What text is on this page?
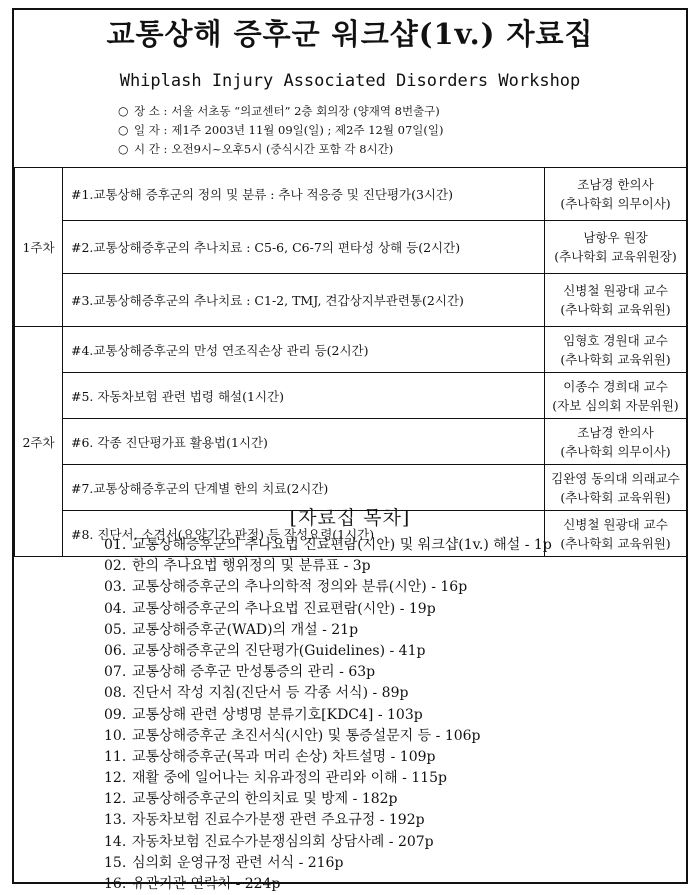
교통상해 증후군 워크샵(1v.) 자료집
Whiplash Injury Associated Disorders Workshop
○ 장 소 : 서울 서초동 “의교센터” 2층 회의장 (양재역 8번출구)
○ 일 자 : 제1주 2003년 11월 09일(일) ; 제2주 12월 07일(일)
○ 시 간 : 오전9시~오후5시 (중식시간 포함 각 8시간)
1주차	#1.교통상해 증후군의 정의 및 분류 : 추나 적응증 및 진단평가(3시간)	조남경 한의사
(추나학회 의무이사)

	#2.교통상해증후군의 추나치료 : C5-6, C6-7의 편타성 상해 등(2시간)	남항우 원장
(추나학회 교육위원장)

	#3.교통상해증후군의 추나치료 : C1-2, TMJ, 견갑상지부관련통(2시간)	신병철 원광대 교수
(추나학회 교육위원)

2주차	#4.교통상해증후군의 만성 연조직손상 관리 등(2시간)	임형호 경원대 교수
(추나학회 교육위원)

	#5. 자동차보험 관련 법령 해설(1시간)	이종수 경희대 교수
(자보 심의회 자문위원)

	#6. 각종 진단평가표 활용법(1시간)	조남경 한의사
(추나학회 의무이사)

	#7.교통상해증후군의 단계별 한의 치료(2시간)	김완영 동의대 의래교수
(추나학회 교육위원)

	#8. 진단서, 소견서(요양기간 판정) 등 작성요령(1시간)	신병철 원광대 교수
(추나학회 교육위원)
[자료집 목차]
01. 교통상해증후군의 추나요법 진료편람(시안) 및 워크샵(1v.) 해설 - 1p
02. 한의 추나요법 행위정의 및 분류표 - 3p
03. 교통상해증후군의 추나의학적 정의와 분류(시안) - 16p
04. 교통상해증후군의 추나요법 진료편람(시안) - 19p
05. 교통상해증후군(WAD)의 개설 - 21p
06. 교통상해증후군의 진단평가(Guidelines) - 41p
07. 교통상해 증후군 만성통증의 관리 - 63p
08. 진단서 작성 지침(진단서 등 각종 서식) - 89p
09. 교통상해 관련 상병명 분류기호[KDC4] - 103p
10. 교통상해증후군 초진서식(시안) 및 통증설문지 등 - 106p
11. 교통상해증후군(목과 머리 손상) 차트설명 - 109p
12. 재활 중에 일어나는 치유과정의 관리와 이해 - 115p
12. 교통상해증후군의 한의치료 및 방제 - 182p
13. 자동차보험 진료수가분쟁 관련 주요규정 - 192p
14. 자동차보험 진료수가분쟁심의회 상담사례 - 207p
15. 심의회 운영규정 관련 서식 - 216p
16. 유관기관 연락처 - 224p
